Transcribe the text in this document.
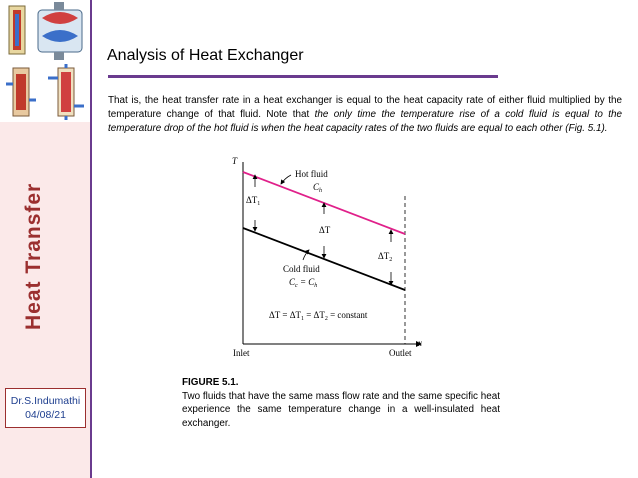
Heat Transfer
Dr.S.Indumathi
04/08/21
Analysis of Heat Exchanger
That is, the heat transfer rate in a heat exchanger is equal to the heat capacity rate of either fluid multiplied by the temperature change of that fluid. Note that the only time the temperature rise of a cold fluid is equal to the temperature drop of the hot fluid is when the heat capacity rates of the two fluids are equal to each other (Fig. 5.1).
T
x
$\Delta T_1$
ΔT
$\Delta T_2$
Hot fluid
$C_h$
Cold fluid
$C_c = C_h$
$\Delta T = \Delta T_1 = \Delta T_2$ = constant
Inlet	Outlet
FIGURE 5.1.
Two fluids that have the same mass flow rate and the same specific heat experience the same temperature change in a well-insulated heat exchanger.
